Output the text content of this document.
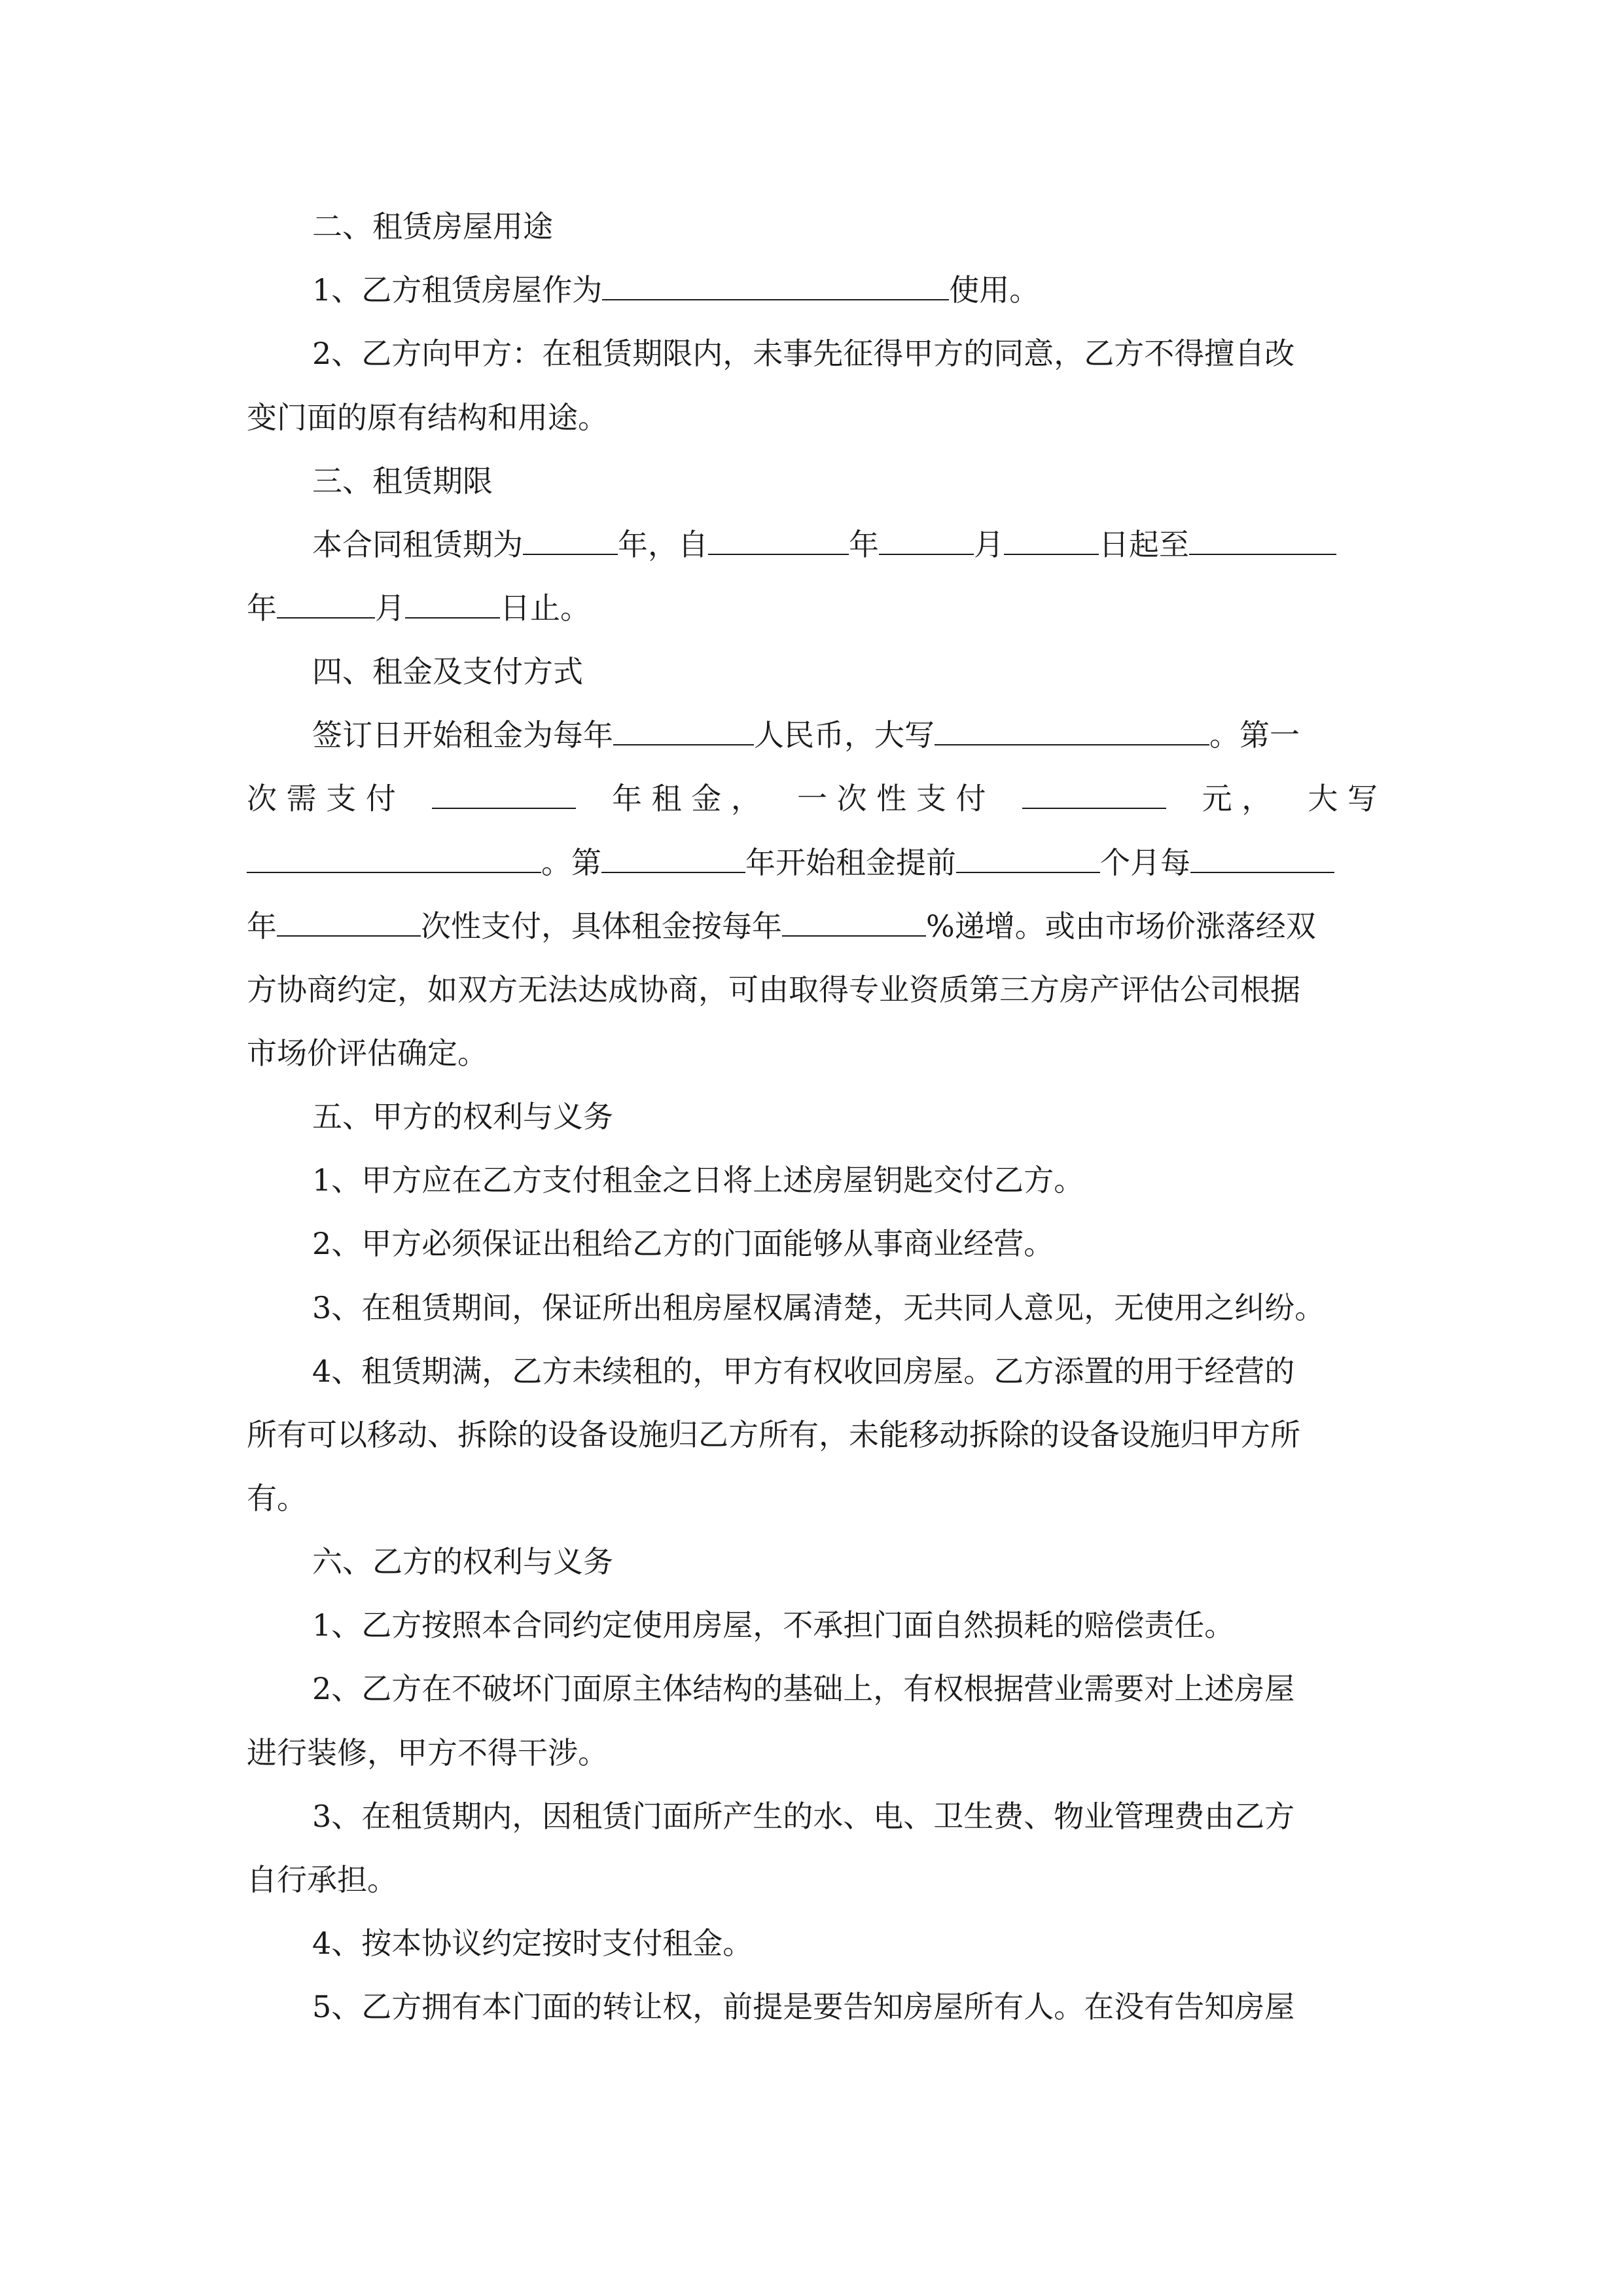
二、租赁房屋用途

1、乙方租赁房屋作为	使用。

2、乙方向甲方：在租赁期限内，未事先征得甲方的同意，乙方不得擅自改

变门面的原有结构和用途。

三、租赁期限

本合同租赁期为	年，自	年	月	日起至

年	月	日止。

四、租金及支付方式

签订日开始租金为每年	人民币，大写	。第一

次 需 支 付	年 租 金 ， 一 次 性 支 付	元 ， 大 写

。第	年开始租金提前	个月每

年	次性支付，具体租金按每年	%递增。或由市场价涨落经双

方协商约定，如双方无法达成协商，可由取得专业资质第三方房产评估公司根据

市场价评估确定。

五、甲方的权利与义务

1、甲方应在乙方支付租金之日将上述房屋钥匙交付乙方。

2、甲方必须保证出租给乙方的门面能够从事商业经营。

3、在租赁期间，保证所出租房屋权属清楚，无共同人意见，无使用之纠纷。

4、租赁期满，乙方未续租的，甲方有权收回房屋。乙方添置的用于经营的

所有可以移动、拆除的设备设施归乙方所有，未能移动拆除的设备设施归甲方所

有。

六、乙方的权利与义务

1、乙方按照本合同约定使用房屋，不承担门面自然损耗的赔偿责任。

2、乙方在不破坏门面原主体结构的基础上，有权根据营业需要对上述房屋

进行装修，甲方不得干涉。

3、在租赁期内，因租赁门面所产生的水、电、卫生费、物业管理费由乙方

自行承担。

4、按本协议约定按时支付租金。

5、乙方拥有本门面的转让权，前提是要告知房屋所有人。在没有告知房屋
